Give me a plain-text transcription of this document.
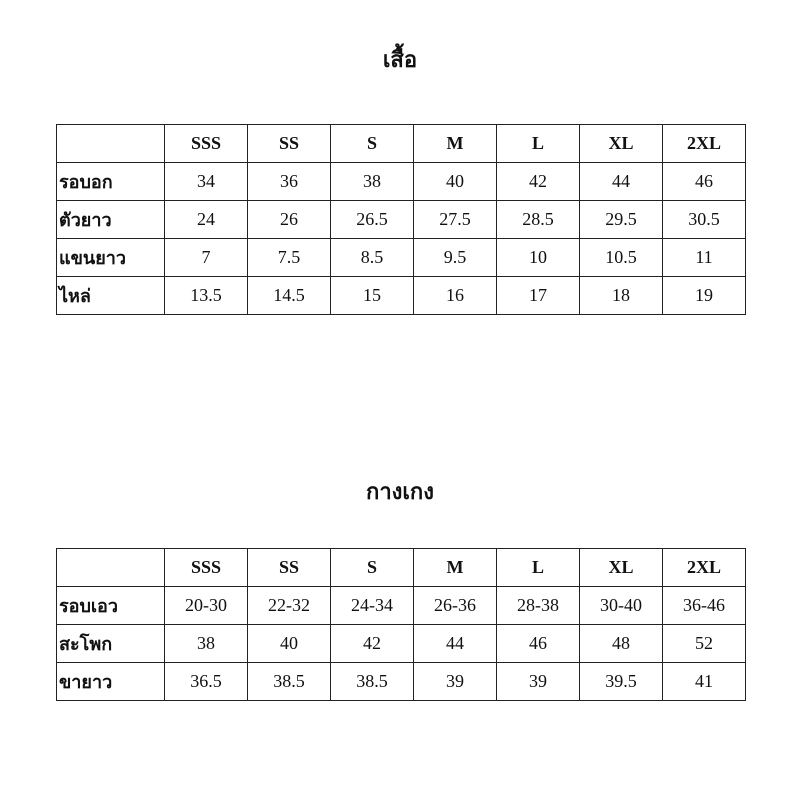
เสื้อ
	SSS	SS	S	M	L	XL	2XL
รอบอก	34	36	38	40	42	44	46
ตัวยาว	24	26	26.5	27.5	28.5	29.5	30.5
แขนยาว	7	7.5	8.5	9.5	10	10.5	11
ไหล่	13.5	14.5	15	16	17	18	19
กางเกง
	SSS	SS	S	M	L	XL	2XL
รอบเอว	20-30	22-32	24-34	26-36	28-38	30-40	36-46
สะโพก	38	40	42	44	46	48	52
ขายาว	36.5	38.5	38.5	39	39	39.5	41
